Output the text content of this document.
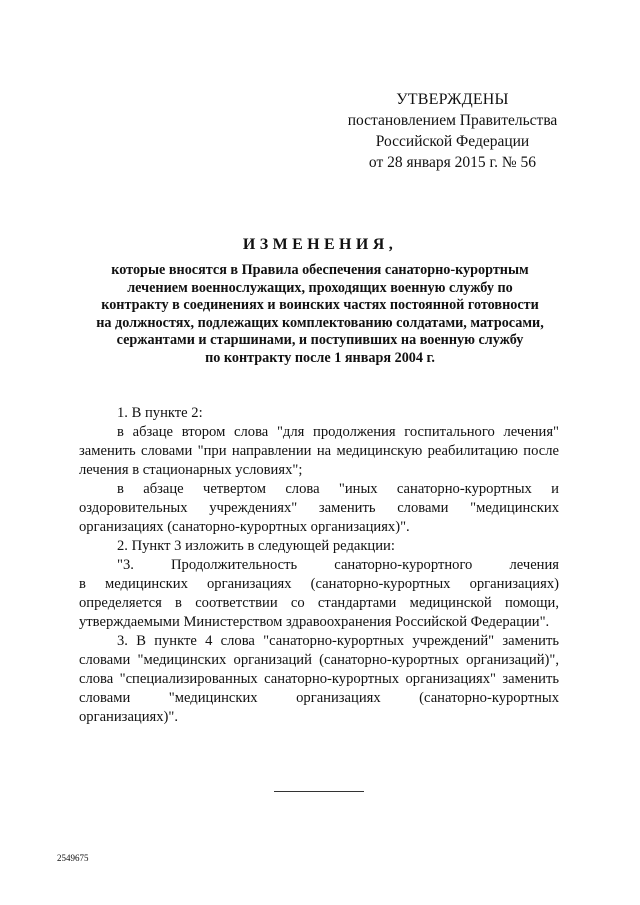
УТВЕРЖДЕНЫ
постановлением Правительства
Российской Федерации
от 28 января 2015 г. № 56
ИЗМЕНЕНИЯ,
которые вносятся в Правила обеспечения санаторно-курортным
лечением военнослужащих, проходящих военную службу по
контракту в соединениях и воинских частях постоянной готовности
на должностях, подлежащих комплектованию солдатами, матросами,
сержантами и старшинами, и поступивших на военную службу
по контракту после 1 января 2004 г.
1. В пункте 2:
в абзаце втором слова "для продолжения госпитального лечения"
заменить словами "при направлении на медицинскую реабилитацию после
лечения в стационарных условиях";
в абзаце четвертом слова "иных санаторно-курортных и
оздоровительных учреждениях" заменить словами "медицинских
организациях (санаторно-курортных организациях)".
2. Пункт 3 изложить в следующей редакции:
"3. Продолжительность санаторно-курортного лечения
в медицинских организациях (санаторно-курортных организациях)
определяется в соответствии со стандартами медицинской помощи,
утверждаемыми Министерством здравоохранения Российской Федерации".
3. В пункте 4 слова "санаторно-курортных учреждений" заменить
словами "медицинских организаций (санаторно-курортных организаций)",
слова "специализированных санаторно-курортных организациях" заменить
словами "медицинских организациях (санаторно-курортных
организациях)".
2549675
